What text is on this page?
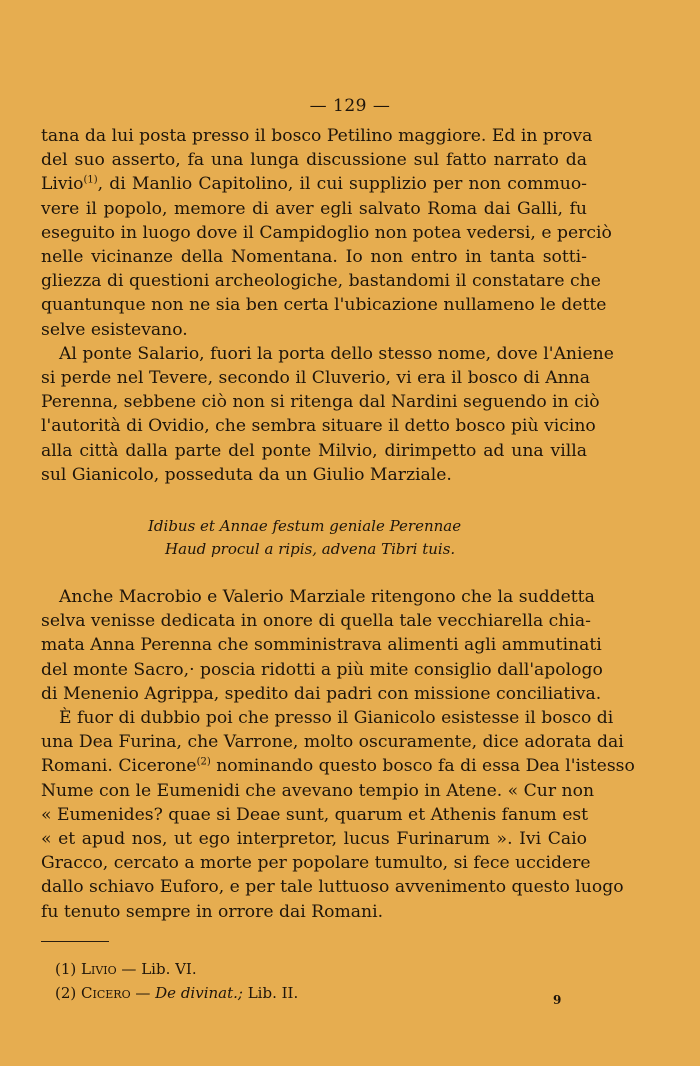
— 129 —
tana da lui posta presso il bosco Petilino maggiore. Ed in prova
del suo asserto, fa una lunga discussione sul fatto narrato da
Livio$^{(1)}$, di Manlio Capitolino, il cui supplizio per non commuo-
vere il popolo, memore di aver egli salvato Roma dai Galli, fu
eseguito in luogo dove il Campidoglio non potea vedersi, e perciò
nelle vicinanze della Nomentana. Io non entro in tanta sotti-
gliezza di questioni archeologiche, bastandomi il constatare che
quantunque non ne sia ben certa l'ubicazione nullameno le dette
selve esistevano.
Al ponte Salario, fuori la porta dello stesso nome, dove l'Aniene
si perde nel Tevere, secondo il Cluverio, vi era il bosco di Anna
Perenna, sebbene ciò non si ritenga dal Nardini seguendo in ciò
l'autorità di Ovidio, che sembra situare il detto bosco più vicino
alla città dalla parte del ponte Milvio, dirimpetto ad una villa
sul Gianicolo, posseduta da un Giulio Marziale.
Idibus et Annae festum geniale Perennae
Haud procul a ripis, advena Tibri tuis.
Anche Macrobio e Valerio Marziale ritengono che la suddetta
selva venisse dedicata in onore di quella tale vecchiarella chia-
mata Anna Perenna che somministrava alimenti agli ammutinati
del monte Sacro,· poscia ridotti a più mite consiglio dall'apologo
di Menenio Agrippa, spedito dai padri con missione conciliativa.
È fuor di dubbio poi che presso il Gianicolo esistesse il bosco di
una Dea Furina, che Varrone, molto oscuramente, dice adorata dai
Romani. Cicerone$^{(2)}$ nominando questo bosco fa di essa Dea l'istesso
Nume con le Eumenidi che avevano tempio in Atene. « Cur non
« Eumenides? quae si Deae sunt, quarum et Athenis fanum est
« et apud nos, ut ego interpretor, lucus Furinarum ». Ivi Caio
Gracco, cercato a morte per popolare tumulto, si fece uccidere
dallo schiavo Euforo, e per tale luttuoso avvenimento questo luogo
fu tenuto sempre in orrore dai Romani.
(1) Livio — Lib. VI.
(2) Cicero — De divinat.; Lib. II.	9
